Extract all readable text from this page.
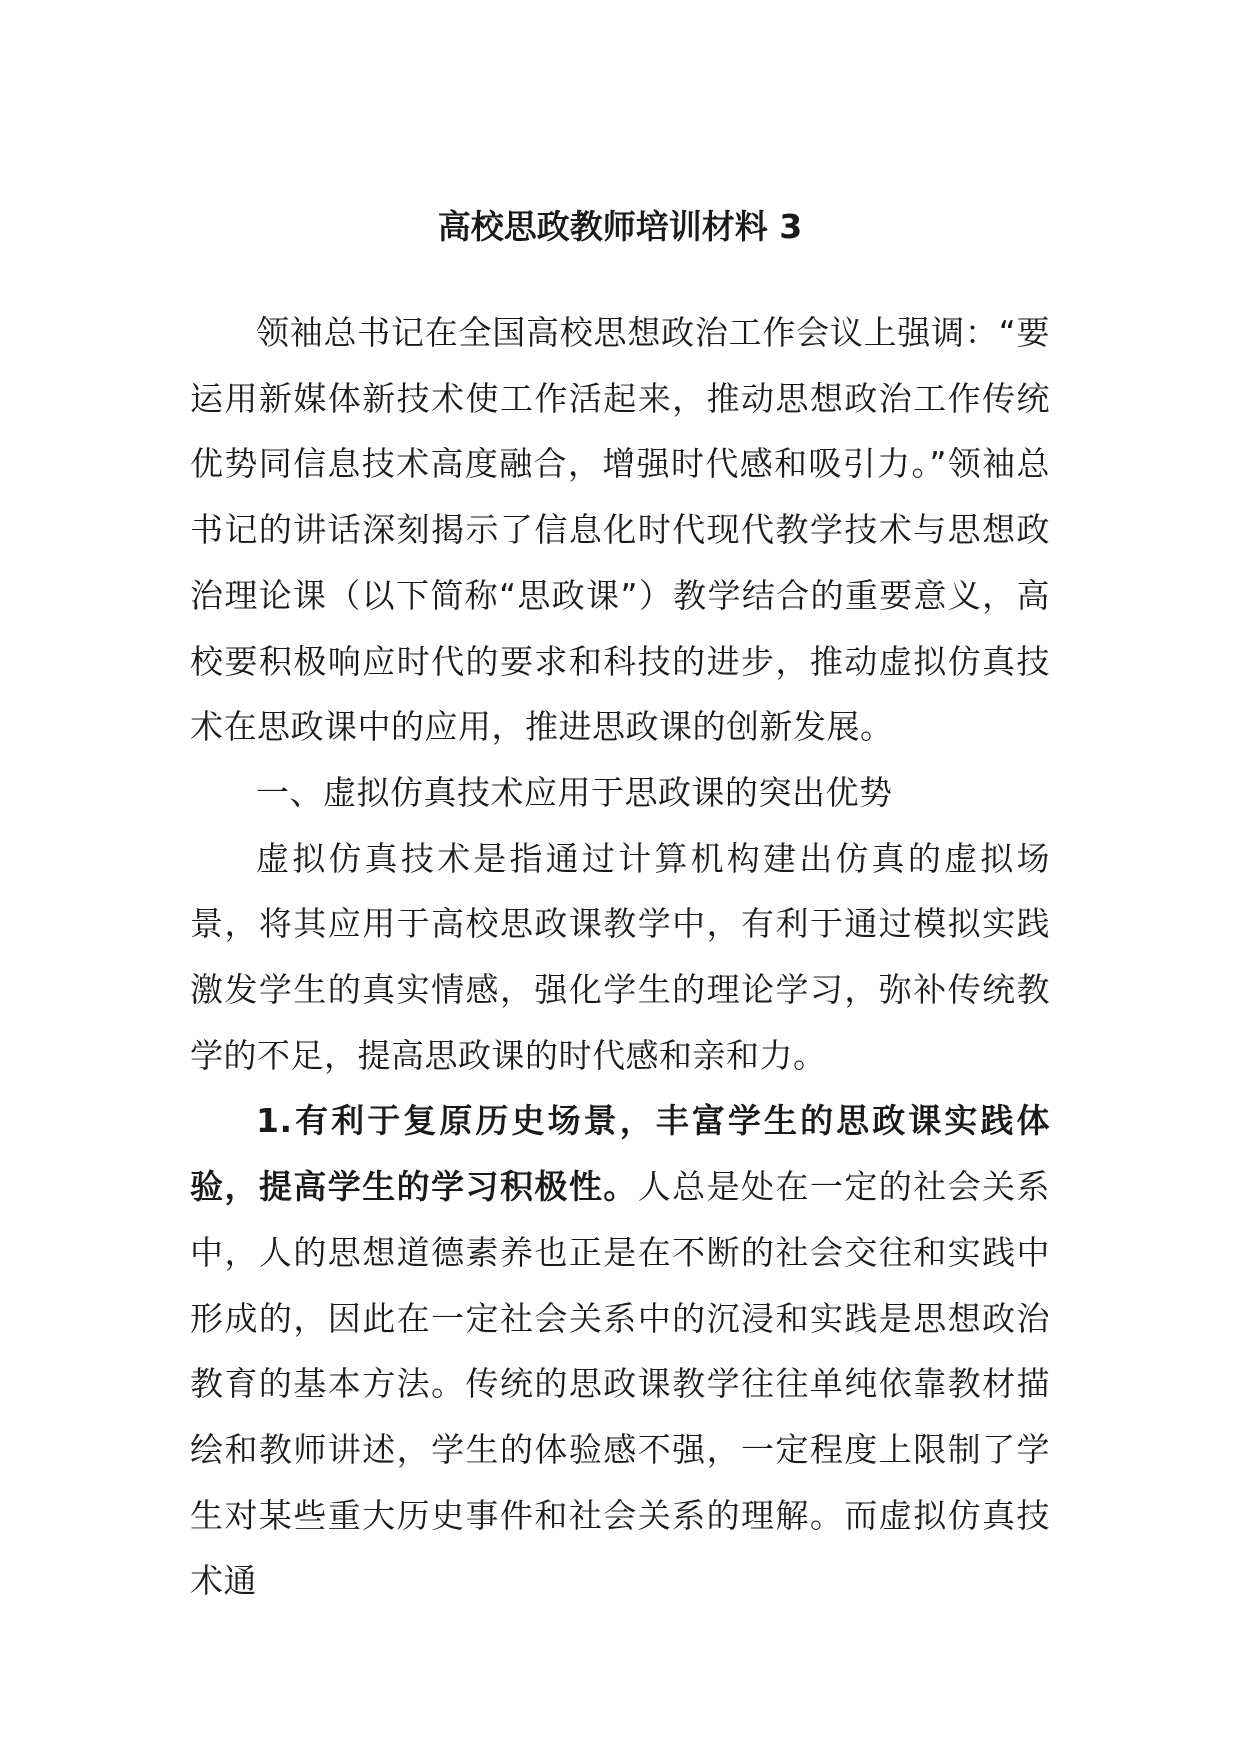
高校思政教师培训材料 3

领袖总书记在全国高校思想政治工作会议上强调：“要运用新媒体新技术使工作活起来，推动思想政治工作传统优势同信息技术高度融合，增强时代感和吸引力。”领袖总书记的讲话深刻揭示了信息化时代现代教学技术与思想政治理论课（以下简称“思政课”）教学结合的重要意义，高校要积极响应时代的要求和科技的进步，推动虚拟仿真技术在思政课中的应用，推进思政课的创新发展。

一、虚拟仿真技术应用于思政课的突出优势

虚拟仿真技术是指通过计算机构建出仿真的虚拟场景，将其应用于高校思政课教学中，有利于通过模拟实践激发学生的真实情感，强化学生的理论学习，弥补传统教学的不足，提高思政课的时代感和亲和力。

1.有利于复原历史场景，丰富学生的思政课实践体验，提高学生的学习积极性。人总是处在一定的社会关系中，人的思想道德素养也正是在不断的社会交往和实践中形成的，因此在一定社会关系中的沉浸和实践是思想政治教育的基本方法。传统的思政课教学往往单纯依靠教材描绘和教师讲述，学生的体验感不强，一定程度上限制了学生对某些重大历史事件和社会关系的理解。而虚拟仿真技术通
